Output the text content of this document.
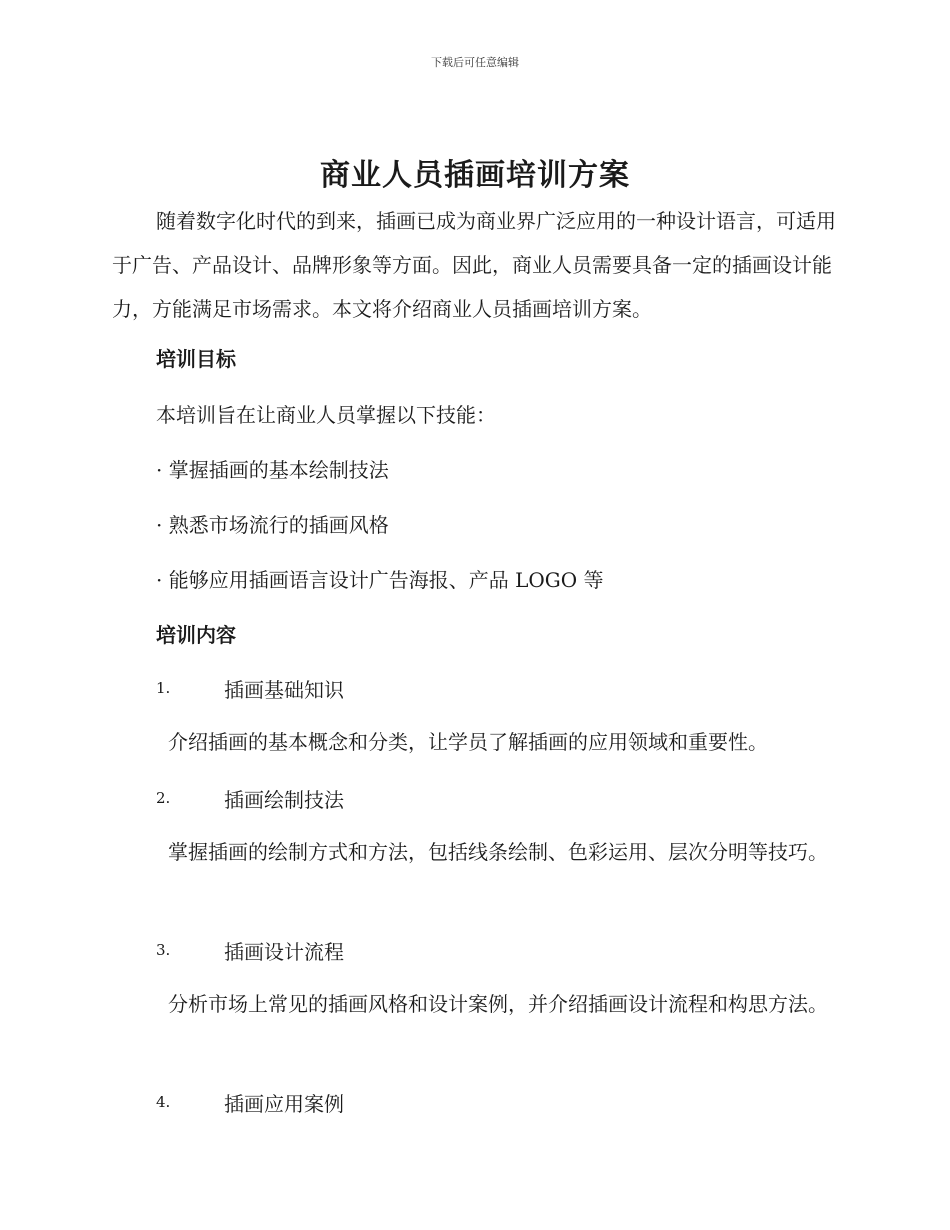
下载后可任意编辑
商业人员插画培训方案

随着数字化时代的到来，插画已成为商业界广泛应用的一种设计语言，可适用于广告、产品设计、品牌形象等方面。因此，商业人员需要具备一定的插画设计能力，方能满足市场需求。本文将介绍商业人员插画培训方案。

培训目标

本培训旨在让商业人员掌握以下技能：

· 掌握插画的基本绘制技法

· 熟悉市场流行的插画风格

· 能够应用插画语言设计广告海报、产品 LOGO 等

培训内容

1.	插画基础知识

介绍插画的基本概念和分类，让学员了解插画的应用领域和重要性。

2.	插画绘制技法

掌握插画的绘制方式和方法，包括线条绘制、色彩运用、层次分明等技巧。

3.	插画设计流程

分析市场上常见的插画风格和设计案例，并介绍插画设计流程和构思方法。

4.	插画应用案例
